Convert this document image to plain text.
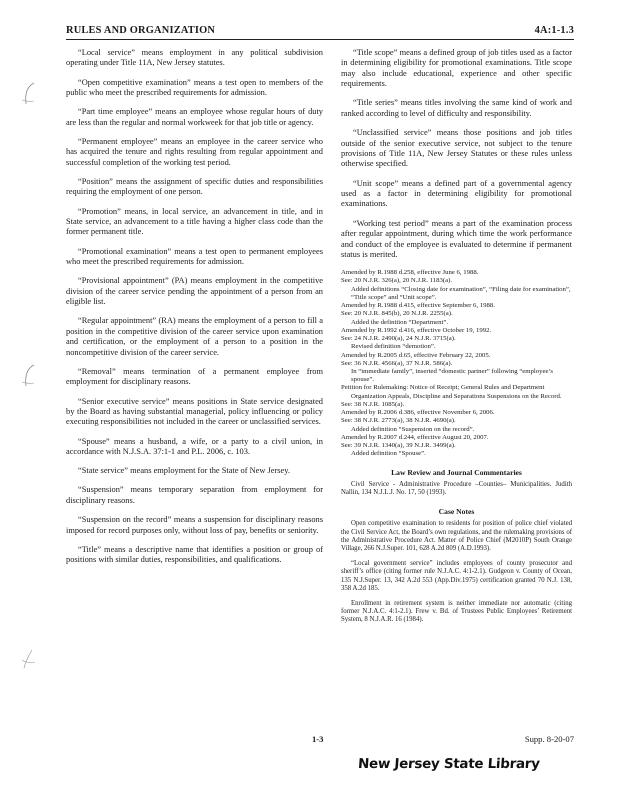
RULES AND ORGANIZATION	4A:1-1.3

“Local service” means employment in any political subdivision operating under Title 11A, New Jersey statutes.

“Open competitive examination” means a test open to members of the public who meet the prescribed requirements for admission.

“Part time employee” means an employee whose regular hours of duty are less than the regular and normal workweek for that job title or agency.

“Permanent employee” means an employee in the career service who has acquired the tenure and rights resulting from regular appointment and successful completion of the working test period.

“Position” means the assignment of specific duties and responsibilities requiring the employment of one person.

“Promotion” means, in local service, an advancement in title, and in State service, an advancement to a title having a higher class code than the former permanent title.

“Promotional examination” means a test open to permanent employees who meet the prescribed requirements for admission.

“Provisional appointment” (PA) means employment in the competitive division of the career service pending the appointment of a person from an eligible list.

“Regular appointment” (RA) means the employment of a person to fill a position in the competitive division of the career service upon examination and certification, or the employment of a person to a position in the noncompetitive division of the career service.

“Removal” means termination of a permanent employee from employment for disciplinary reasons.

“Senior executive service” means positions in State service designated by the Board as having substantial managerial, policy influencing or policy executing responsibilities not included in the career or unclassified services.

“Spouse” means a husband, a wife, or a party to a civil union, in accordance with N.J.S.A. 37:1-1 and P.L. 2006, c. 103.

“State service” means employment for the State of New Jersey.

“Suspension” means temporary separation from employment for disciplinary reasons.

“Suspension on the record” means a suspension for disciplinary reasons imposed for record purposes only, without loss of pay, benefits or seniority.

“Title” means a descriptive name that identifies a position or group of positions with similar duties, responsibilities, and qualifications.

“Title scope” means a defined group of job titles used as a factor in determining eligibility for promotional examinations. Title scope may also include educational, experience and other specific requirements.

“Title series” means titles involving the same kind of work and ranked according to level of difficulty and responsibility.

“Unclassified service” means those positions and job titles outside of the senior executive service, not subject to the tenure provisions of Title 11A, New Jersey Statutes or these rules unless otherwise specified.

“Unit scope” means a defined part of a governmental agency used as a factor in determining eligibility for promotional examinations.

“Working test period” means a part of the examination process after regular appointment, during which time the work performance and conduct of the employee is evaluated to determine if permanent status is merited.

Amended by R.1988 d.258, effective June 6, 1988.
See: 20 N.J.R. 326(a), 20 N.J.R. 1183(a).
Added definitions “Closing date for examination”, “Filing date for examination”, “Title scope” and “Unit scope”.
Amended by R.1988 d.415, effective September 6, 1988.
See: 20 N.J.R. 845(b), 20 N.J.R. 2255(a).
Added the definition “Department”.
Amended by R.1992 d.416, effective October 19, 1992.
See: 24 N.J.R. 2490(a), 24 N.J.R. 3715(a).
Revised definition “demotion”.
Amended by R.2005 d.65, effective February 22, 2005.
See: 36 N.J.R. 4566(a), 37 N.J.R. 586(a).
In “immediate family”, inserted “domestic partner” following “employee’s spouse”.
Petition for Rulemaking: Notice of Receipt; General Rules and Department Organization Appeals, Discipline and Separations Suspensions on the Record.
See: 38 N.J.R. 1085(a).
Amended by R.2006 d.386, effective November 6, 2006.
See: 38 N.J.R. 2773(a), 38 N.J.R. 4690(a).
Added definition “Suspension on the record”.
Amended by R.2007 d.244, effective August 20, 2007.
See: 39 N.J.R. 1340(a), 39 N.J.R. 3499(a).
Added definition “Spouse”.
Law Review and Journal Commentaries

Civil Service - Administrative Procedure –Counties– Municipalities. Judith Nallin, 134 N.J.L.J. No. 17, 50 (1993).

Case Notes

Open competitive examination to residents for position of police chief violated the Civil Service Act, the Board’s own regulations, and the rulemaking provisions of the Administrative Procedure Act. Matter of Police Chief (M2010P) South Orange Village, 266 N.J.Super. 101, 628 A.2d 809 (A.D.1993).

“Local government service” includes employees of county prosecutor and sheriff’s office (citing former rule N.J.A.C. 4:1-2.1). Gudgeon v. County of Ocean, 135 N.J.Super. 13, 342 A.2d 553 (App.Div.1975) certification granted 70 N.J. 138, 358 A.2d 185.

Enrollment in retirement system is neither immediate nor automatic (citing former N.J.A.C. 4:1-2.1). Frew v. Bd. of Trustees Public Employees’ Retirement System, 8 N.J.A.R. 16 (1984).

1-3	Supp. 8-20-07
New Jersey State Library
